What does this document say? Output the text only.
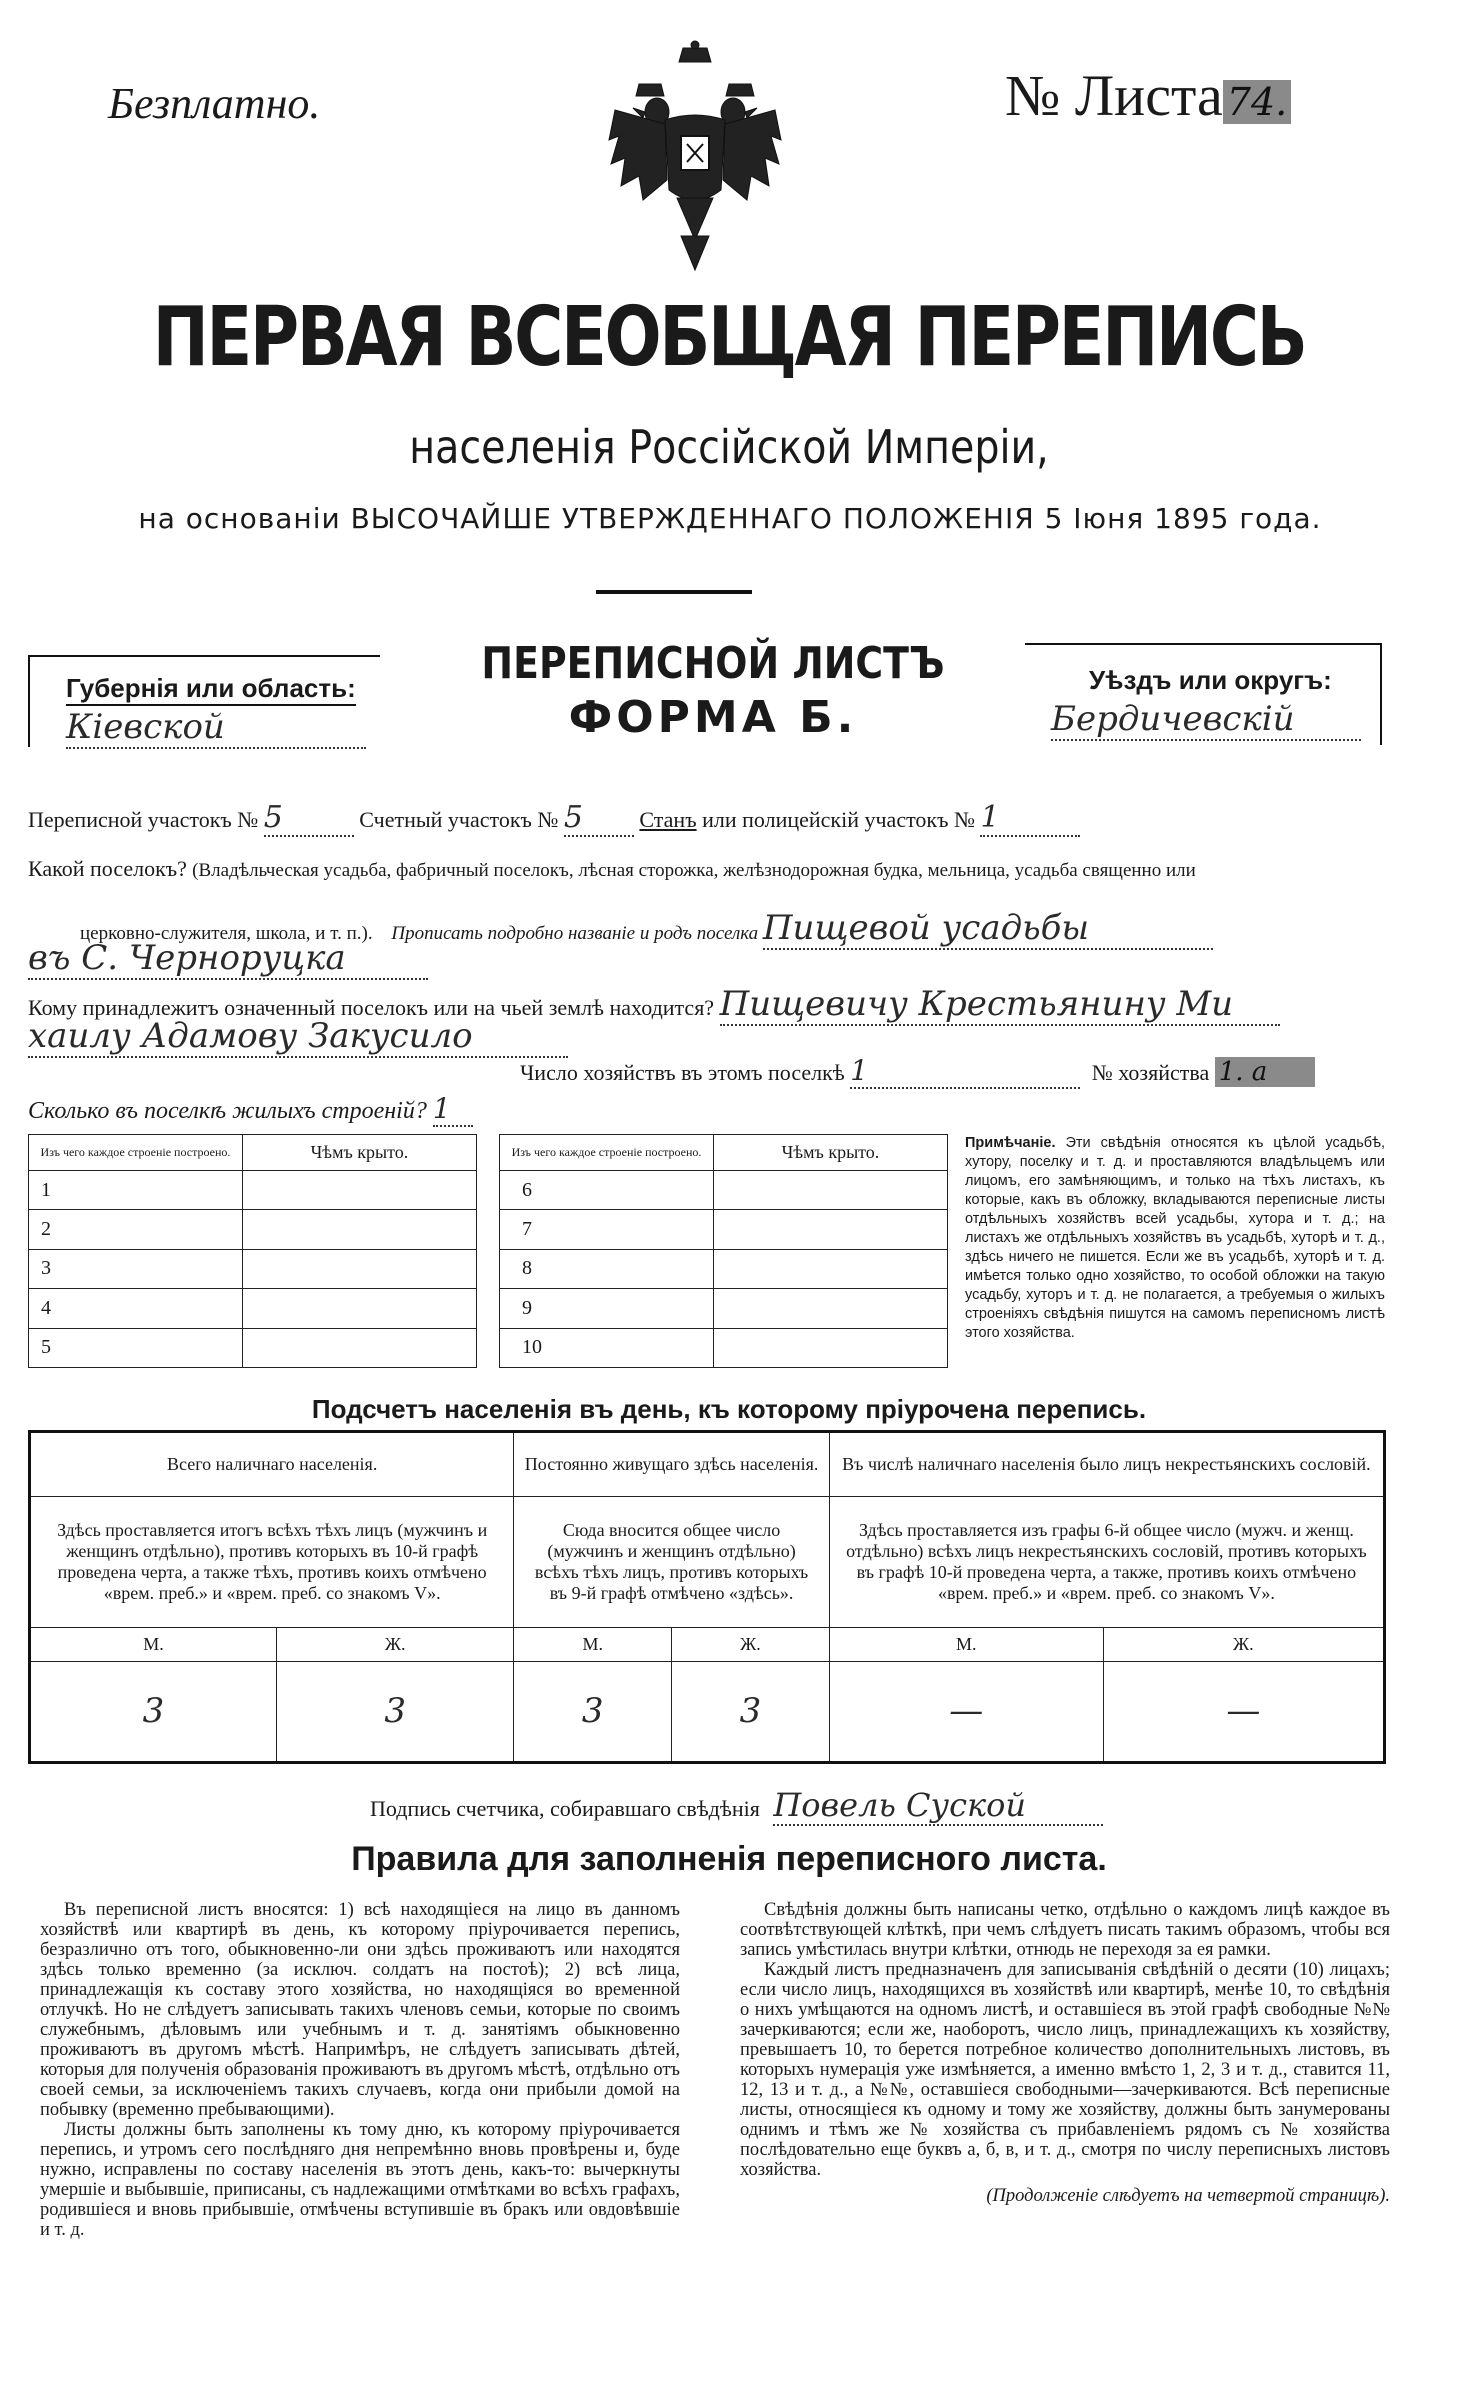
Безплатно.	№ Листа 74.
ПЕРВАЯ ВСЕОБЩАЯ ПЕРЕПИСЬ
населенія Россійской Имперіи,
на основаніи ВЫСОЧАЙШЕ УТВЕРЖДЕННАГО ПОЛОЖЕНІЯ 5 Іюня 1895 года.
Губернія или область:
Кіевской
ПЕРЕПИСНОЙ ЛИСТЪ
ФОРМА Б.
Уѣздъ или округъ:
Бердичевскій
Переписной участокъ № 5	Счетный участокъ № 5	Станъ или полицейскій участокъ № 1
Какой поселокъ? (Владѣльческая усадьба, фабричный поселокъ, лѣсная сторожка, желѣзнодорожная будка, мельница, усадьба священно или
церковно-служителя, школа, и т. п.). Прописать подробно названіе и родъ поселка Пищевой усадьбы
въ С. Черноруцка
Кому принадлежитъ означенный поселокъ или на чьей землѣ находится? Пищевичу Крестьянину Ми
хаилу Адамову Закусило
Число хозяйствъ въ этомъ поселкѣ 1	№ хозяйства 1. а
Сколько въ поселкѣ жилыхъ строеній? 1
Изъ чего каждое строеніе построено.	Чѣмъ крыто.		Изъ чего каждое строеніе построено.	Чѣмъ крыто.
1			6	
2			7	
3			8	
4			9	
5			10	
Примѣчаніе. Эти свѣдѣнія относятся къ цѣлой усадьбѣ, хутору, поселку и т. д. и проставляются владѣльцемъ или лицомъ, его замѣняющимъ, и только на тѣхъ листахъ, къ которые, какъ въ обложку, вкладываются переписные листы отдѣльныхъ хозяйствъ всей усадьбы, хутора и т. д.; на листахъ же отдѣльныхъ хозяйствъ въ усадьбѣ, хуторѣ и т. д., здѣсь ничего не пишется. Если же въ усадьбѣ, хуторѣ и т. д. имѣется только одно хозяйство, то особой обложки на такую усадьбу, хуторъ и т. д. не полагается, а требуемыя о жилыхъ строеніяхъ свѣдѣнія пишутся на самомъ переписномъ листѣ этого хозяйства.
Подсчетъ населенія въ день, къ которому пріурочена перепись.
Всего наличнаго населенія.		Постоянно живущаго здѣсь населенія.		Въ числѣ наличнаго населенія было лицъ некрестьянскихъ сословій.	
Здѣсь проставляется итогъ всѣхъ тѣхъ лицъ (мужчинъ и женщинъ отдѣльно), противъ которыхъ въ 10-й графѣ проведена черта, а также тѣхъ, противъ коихъ отмѣчено «врем. преб.» и «врем. преб. со знакомъ V».		Сюда вносится общее число (мужчинъ и женщинъ отдѣльно) всѣхъ тѣхъ лицъ, противъ которыхъ въ 9-й графѣ отмѣчено «здѣсь».		Здѣсь проставляется изъ графы 6-й общее число (мужч. и женщ. отдѣльно) всѣхъ лицъ некрестьянскихъ сословій, противъ которыхъ въ графѣ 10-й проведена черта, а также, противъ коихъ отмѣчено «врем. преб.» и «врем. преб. со знакомъ V».	
М.	Ж.	М.	Ж.	М.	Ж.
3	3	3	3	—	—
Подпись счетчика, собиравшаго свѣдѣнія Повель Суской
Правила для заполненія переписного листа.

Въ переписной листъ вносятся: 1) всѣ находящіеся на лицо въ данномъ хозяйствѣ или квартирѣ въ день, къ которому пріурочивается перепись, безразлично отъ того, обыкновенно-ли они здѣсь проживаютъ или находятся здѣсь только временно (за исключ. солдатъ на постоѣ); 2) всѣ лица, принадлежащія къ составу этого хозяйства, но находящіяся во временной отлучкѣ. Но не слѣдуетъ записывать такихъ членовъ семьи, которые по своимъ служебнымъ, дѣловымъ или учебнымъ и т. д. занятіямъ обыкновенно проживаютъ въ другомъ мѣстѣ. Напримѣръ, не слѣдуетъ записывать дѣтей, которыя для полученія образованія проживаютъ въ другомъ мѣстѣ, отдѣльно отъ своей семьи, за исключеніемъ такихъ случаевъ, когда они прибыли домой на побывку (временно пребывающими).

Листы должны быть заполнены къ тому дню, къ которому пріурочивается перепись, и утромъ сего послѣдняго дня непремѣнно вновь провѣрены и, буде нужно, исправлены по составу населенія въ этотъ день, какъ-то: вычеркнуты умершіе и выбывшіе, приписаны, съ надлежащими отмѣтками во всѣхъ графахъ, родившіеся и вновь прибывшіе, отмѣчены вступившіе въ бракъ или овдовѣвшіе и т. д.

Свѣдѣнія должны быть написаны четко, отдѣльно о каждомъ лицѣ каждое въ соотвѣтствующей клѣткѣ, при чемъ слѣдуетъ писать такимъ образомъ, чтобы вся запись умѣстилась внутри клѣтки, отнюдь не переходя за ея рамки.

Каждый листъ предназначенъ для записыванія свѣдѣній о десяти (10) лицахъ; если число лицъ, находящихся въ хозяйствѣ или квартирѣ, менѣе 10, то свѣдѣнія о нихъ умѣщаются на одномъ листѣ, и оставшіеся въ этой графѣ свободные №№ зачеркиваются; если же, наоборотъ, число лицъ, принадлежащихъ къ хозяйству, превышаетъ 10, то берется потребное количество дополнительныхъ листовъ, въ которыхъ нумерація уже измѣняется, а именно вмѣсто 1, 2, 3 и т. д., ставится 11, 12, 13 и т. д., а №№, оставшіеся свободными—зачеркиваются. Всѣ переписные листы, относящіеся къ одному и тому же хозяйству, должны быть занумерованы однимъ и тѣмъ же № хозяйства съ прибавленіемъ рядомъ съ № хозяйства послѣдовательно еще буквъ а, б, в, и т. д., смотря по числу переписныхъ листовъ хозяйства.

(Продолженіе слѣдуетъ на четвертой страницѣ).
